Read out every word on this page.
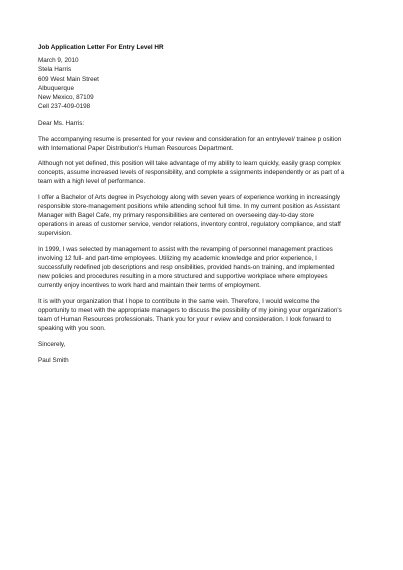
Job Application Letter For Entry Level HR
March 9, 2010
Stela Harris
609 West Main Street
Albuquerque
New Mexico, 87109
Cell 237-409-0198
Dear Ms. Harris:
The accompanying resume is presented for your review and consideration for an entrylevel/ trainee p osition
with International Paper Distribution's Human Resources Department.
Although not yet defined, this position will take advantage of my ability to learn quickly, easily grasp complex
concepts, assume increased levels of responsibility, and complete a ssignments independently or as part of a
team with a high level of performance.
I offer a Bachelor of Arts degree in Psychology along with seven years of experience working in increasingly
responsible store-management positions while attending school full time. In my current position as Assistant
Manager with Bagel Cafe, my primary responsibilities are centered on overseeing day-to-day store
operations in areas of customer service, vendor relations, inventory control, regulatory compliance, and staff
supervision.
In 1999, I was selected by management to assist with the revamping of personnel management practices
involving 12 full- and part-time employees. Utilizing my academic knowledge and prior experience, I
successfully redefined job descriptions and resp onsibilities, provided hands-on training, and implemented
new policies and procedures resulting in a more structured and supportive workplace where employees
currently enjoy incentives to work hard and maintain their terms of employment.
It is with your organization that I hope to contribute in the same vein. Therefore, I would welcome the
opportunity to meet with the appropriate managers to discuss the possibility of my joining your organization's
team of Human Resources professionals. Thank you for your r eview and consideration. I look forward to
speaking with you soon.
Sincerely,
Paul Smith
